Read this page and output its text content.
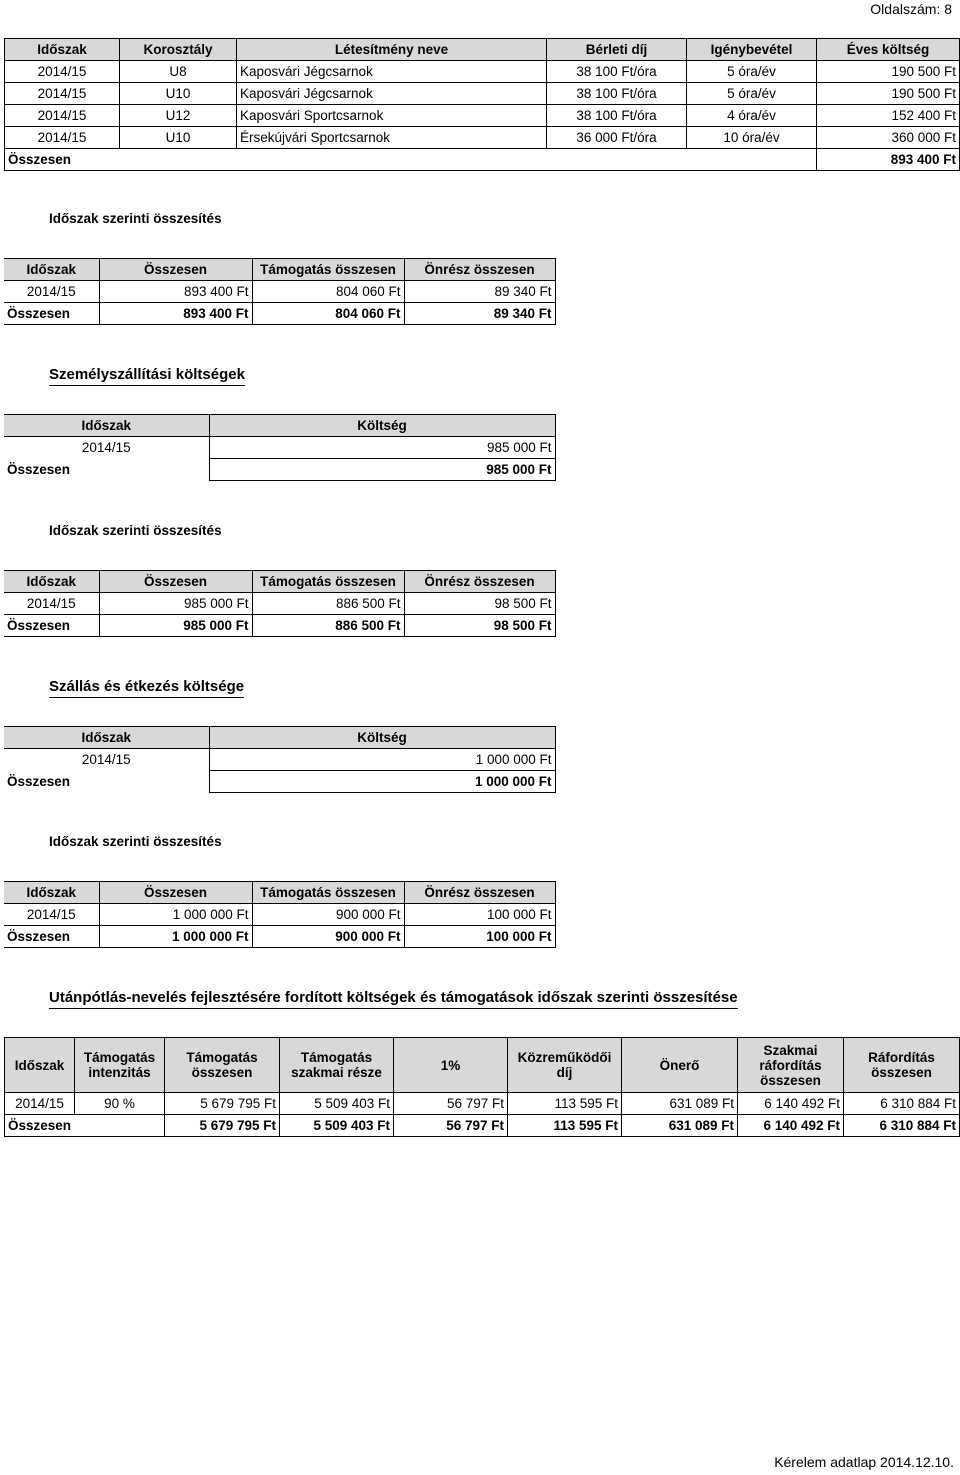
Oldalszám: 8
Időszak	Korosztály	Létesítmény neve	Bérleti díj	Igénybevétel	Éves költség
2014/15	U8	Kaposvári Jégcsarnok	38 100 Ft/óra	5 óra/év	190 500 Ft
2014/15	U10	Kaposvári Jégcsarnok	38 100 Ft/óra	5 óra/év	190 500 Ft
2014/15	U12	Kaposvári Sportcsarnok	38 100 Ft/óra	4 óra/év	152 400 Ft
2014/15	U10	Érsekújvári Sportcsarnok	36 000 Ft/óra	10 óra/év	360 000 Ft
Összesen					893 400 Ft
Időszak szerinti összesítés
Időszak	Összesen	Támogatás összesen	Önrész összesen
2014/15	893 400 Ft	804 060 Ft	89 340 Ft
Összesen	893 400 Ft	804 060 Ft	89 340 Ft
Személyszállítási költségek
Időszak	Költség
2014/15	985 000 Ft
Összesen	985 000 Ft
Időszak szerinti összesítés
Időszak	Összesen	Támogatás összesen	Önrész összesen
2014/15	985 000 Ft	886 500 Ft	98 500 Ft
Összesen	985 000 Ft	886 500 Ft	98 500 Ft
Szállás és étkezés költsége
Időszak	Költség
2014/15	1 000 000 Ft
Összesen	1 000 000 Ft
Időszak szerinti összesítés
Időszak	Összesen	Támogatás összesen	Önrész összesen
2014/15	1 000 000 Ft	900 000 Ft	100 000 Ft
Összesen	1 000 000 Ft	900 000 Ft	100 000 Ft
Utánpótlás-nevelés fejlesztésére fordított költségek és támogatások időszak szerinti összesítése
Időszak	Támogatás intenzitás	Támogatás összesen	Támogatás szakmai része	1%	Közreműködői díj	Önerő	Szakmai ráfordítás összesen	Ráfordítás összesen
2014/15	90 %	5 679 795 Ft	5 509 403 Ft	56 797 Ft	113 595 Ft	631 089 Ft	6 140 492 Ft	6 310 884 Ft
Összesen		5 679 795 Ft	5 509 403 Ft	56 797 Ft	113 595 Ft	631 089 Ft	6 140 492 Ft	6 310 884 Ft
Kérelem adatlap 2014.12.10.
